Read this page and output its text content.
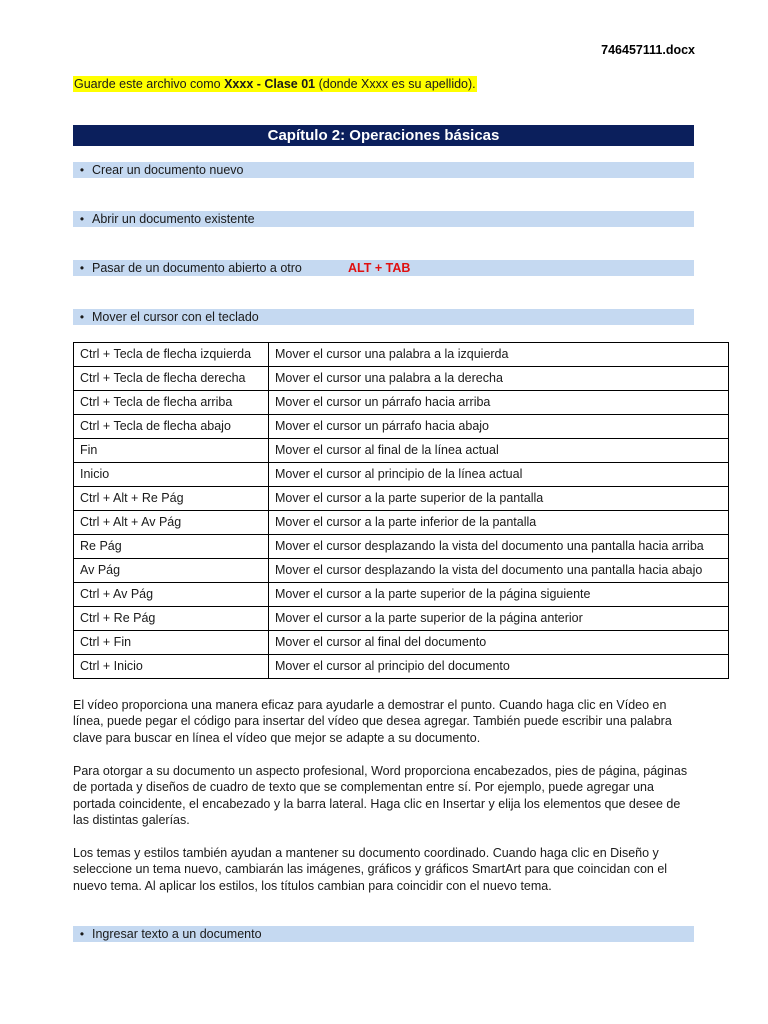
746457111.docx
Guarde este archivo como Xxxx - Clase 01 (donde Xxxx es su apellido).
Capítulo 2: Operaciones básicas
• Crear un documento nuevo
• Abrir un documento existente
• Pasar de un documento abierto a otro	ALT + TAB
• Mover el cursor con el teclado
Ctrl + Tecla de flecha izquierda	Mover el cursor una palabra a la izquierda
Ctrl + Tecla de flecha derecha	Mover el cursor una palabra a la derecha
Ctrl + Tecla de flecha arriba	Mover el cursor un párrafo hacia arriba
Ctrl + Tecla de flecha abajo	Mover el cursor un párrafo hacia abajo
Fin	Mover el cursor al final de la línea actual
Inicio	Mover el cursor al principio de la línea actual
Ctrl + Alt + Re Pág	Mover el cursor a la parte superior de la pantalla
Ctrl + Alt + Av Pág	Mover el cursor a la parte inferior de la pantalla
Re Pág	Mover el cursor desplazando la vista del documento una pantalla hacia arriba
Av Pág	Mover el cursor desplazando la vista del documento una pantalla hacia abajo
Ctrl + Av Pág	Mover el cursor a la parte superior de la página siguiente
Ctrl + Re Pág	Mover el cursor a la parte superior de la página anterior
Ctrl + Fin	Mover el cursor al final del documento
Ctrl + Inicio	Mover el cursor al principio del documento
El vídeo proporciona una manera eficaz para ayudarle a demostrar el punto. Cuando haga clic en Vídeo en línea, puede pegar el código para insertar del vídeo que desea agregar. También puede escribir una palabra clave para buscar en línea el vídeo que mejor se adapte a su documento.
Para otorgar a su documento un aspecto profesional, Word proporciona encabezados, pies de página, páginas de portada y diseños de cuadro de texto que se complementan entre sí. Por ejemplo, puede agregar una portada coincidente, el encabezado y la barra lateral. Haga clic en Insertar y elija los elementos que desee de las distintas galerías.
Los temas y estilos también ayudan a mantener su documento coordinado. Cuando haga clic en Diseño y seleccione un tema nuevo, cambiarán las imágenes, gráficos y gráficos SmartArt para que coincidan con el nuevo tema. Al aplicar los estilos, los títulos cambian para coincidir con el nuevo tema.
• Ingresar texto a un documento
